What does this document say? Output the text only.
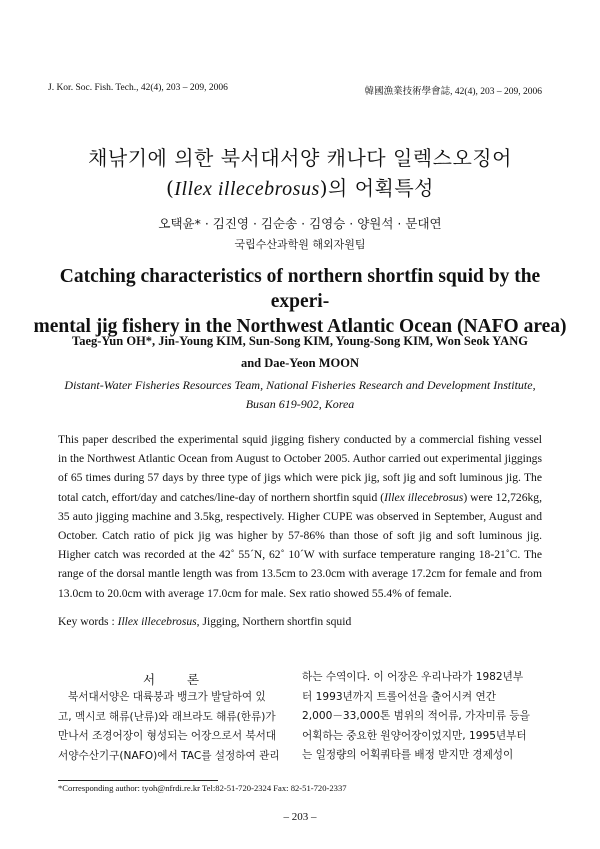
J. Kor. Soc. Fish. Tech., 42(4), 203 – 209, 2006	韓國漁業技術學會誌, 42(4), 203 – 209, 2006
채낚기에 의한 북서대서양 캐나다 일렉스오징어
(Illex illecebrosus)의 어획특성
오택윤* · 김진영 · 김순송 · 김영승 · 양원석 · 문대연
국립수산과학원 해외자원팀
Catching characteristics of northern shortfin squid by the experi-
mental jig fishery in the Northwest Atlantic Ocean (NAFO area)
Taeg-Yun OH*, Jin-Young KIM, Sun-Song KIM, Young-Song KIM, Won Seok YANG
and Dae-Yeon MOON
Distant-Water Fisheries Resources Team, National Fisheries Research and Development Institute,
Busan 619-902, Korea
This paper described the experimental squid jigging fishery conducted by a commercial fishing vessel in the Northwest Atlantic Ocean from August to October 2005. Author carried out experimental jiggings of 65 times during 57 days by three type of jigs which were pick jig, soft jig and soft luminous jig. The total catch, effort/day and catches/line-day of northern shortfin squid (Illex illecebrosus) were 12,726kg, 35 auto jigging machine and 3.5kg, respectively. Higher CUPE was observed in September, August and October. Catch ratio of pick jig was higher by 57-86% than those of soft jig and soft luminous jig. Higher catch was recorded at the 42˚ 55´N, 62˚ 10´W with surface temperature ranging 18-21˚C. The range of the dorsal mantle length was from 13.5cm to 23.0cm with average 17.2cm for female and from 13.0cm to 20.0cm with average 17.0cm for male. Sex ratio showed 55.4% of female.
Key words : Illex illecebrosus, Jigging, Northern shortfin squid
서 론
북서대서양은 대륙붕과 뱅크가 발달하여 있
고, 멕시코 해류(난류)와 래브라도 해류(한류)가
만나서 조경어장이 형성되는 어장으로서 북서대
서양수산기구(NAFO)에서 TAC를 설정하여 관리
하는 수역이다. 이 어장은 우리나라가 1982년부
터 1993년까지 트롤어선을 출어시켜 연간
2,000－33,000톤 범위의 적어류, 가자미류 등을
어획하는 중요한 원양어장이었지만, 1995년부터
는 일정량의 어획쿼타를 배정 받지만 경제성이
*Corresponding author: tyoh@nfrdi.re.kr Tel:82-51-720-2324 Fax: 82-51-720-2337
– 203 –
